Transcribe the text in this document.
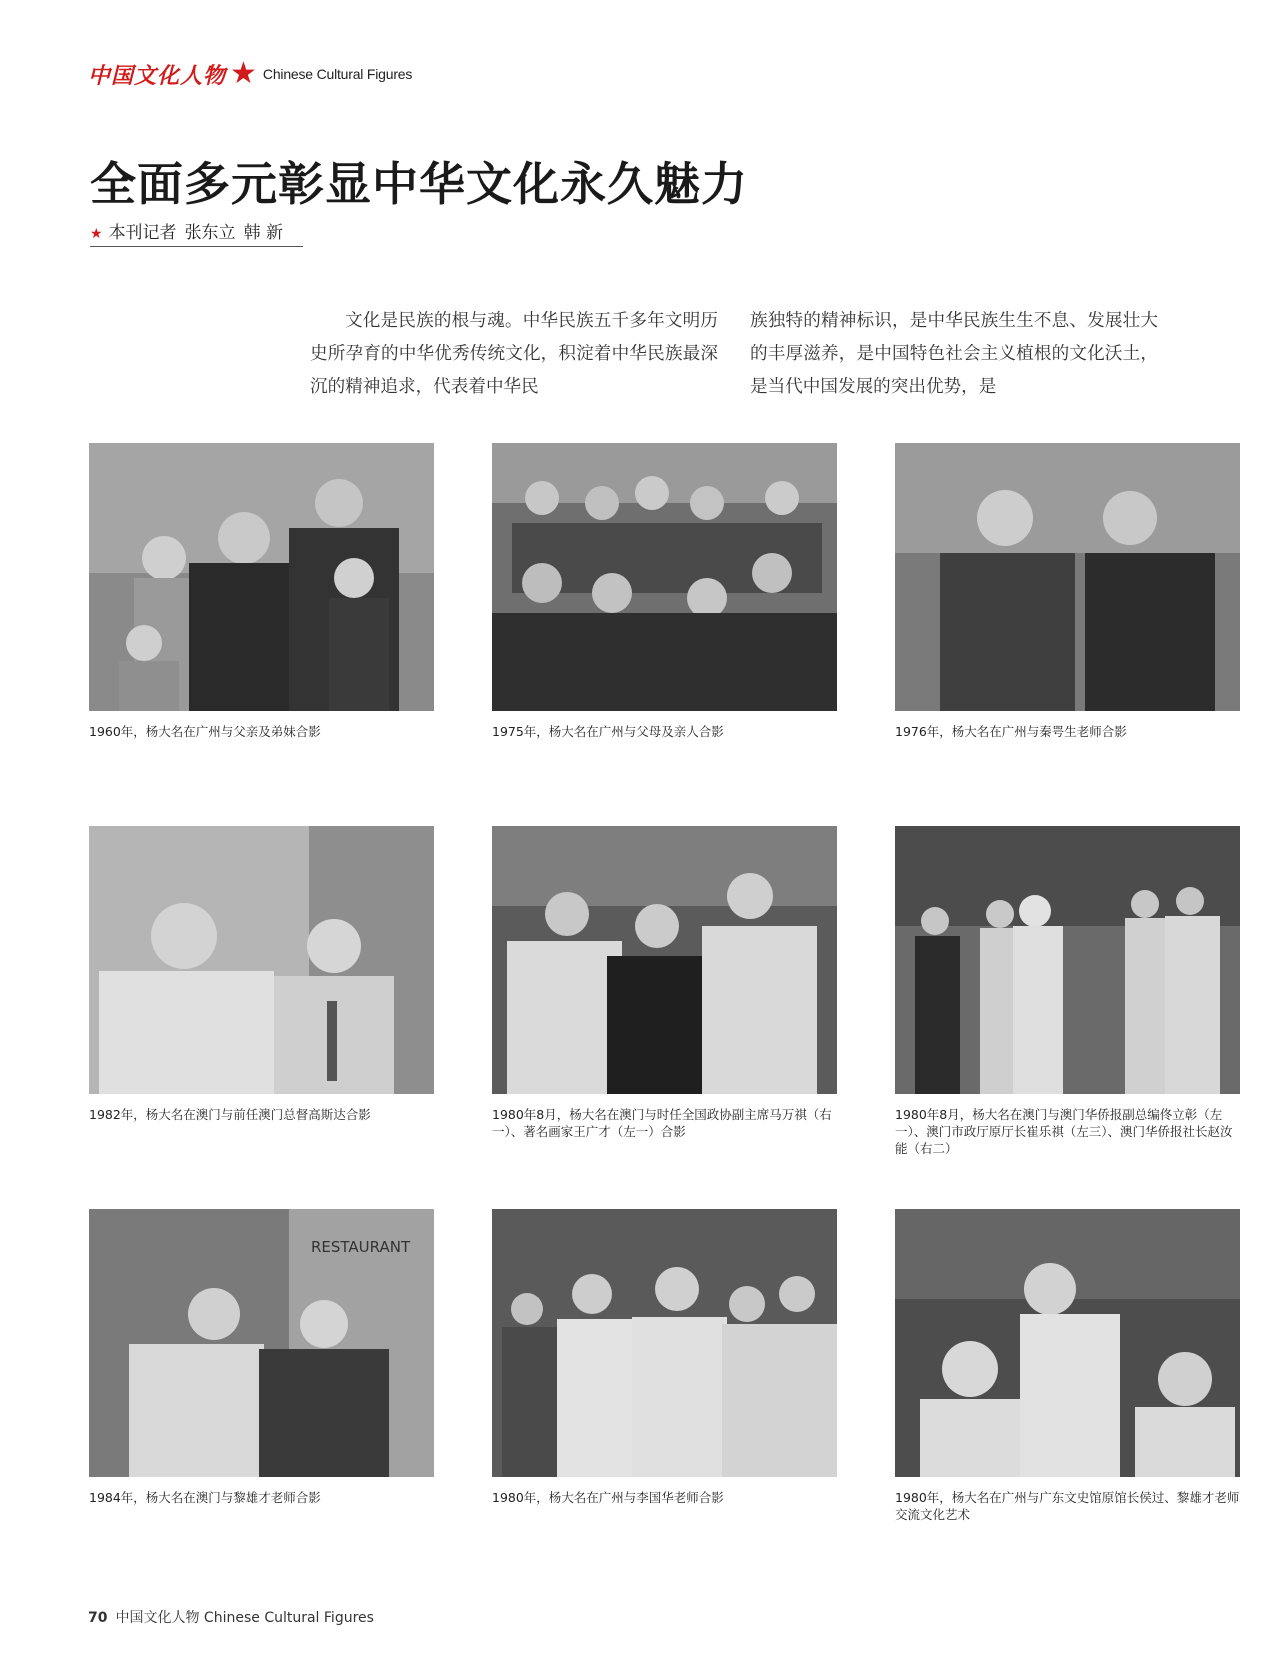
中国文化人物 ★ Chinese Cultural Figures
全面多元彰显中华文化永久魅力
★ 本刊记者 张东立 韩 新
文化是民族的根与魂。中华民族五千多年文明历史所孕育的中华优秀传统文化，积淀着中华民族最深沉的精神追求，代表着中华民
族独特的精神标识，是中华民族生生不息、发展壮大的丰厚滋养，是中国特色社会主义植根的文化沃土，是当代中国发展的突出优势，是
1960年，杨大名在广州与父亲及弟妹合影	1975年，杨大名在广州与父母及亲人合影	1976年，杨大名在广州与秦咢生老师合影
1982年，杨大名在澳门与前任澳门总督高斯达合影	1980年8月，杨大名在澳门与时任全国政协副主席马万祺（右一）、著名画家王广才（左一）合影
1980年8月，杨大名在澳门与澳门华侨报副总编佟立彰（左一）、澳门市政厅原厅长崔乐祺（左三）、澳门华侨报社长赵汝能（右二）
RESTAURANT
1984年，杨大名在澳门与黎雄才老师合影	1980年，杨大名在广州与李国华老师合影	1980年，杨大名在广州与广东文史馆原馆长侯过、黎雄才老师交流文化艺术
70 中国文化人物 Chinese Cultural Figures
